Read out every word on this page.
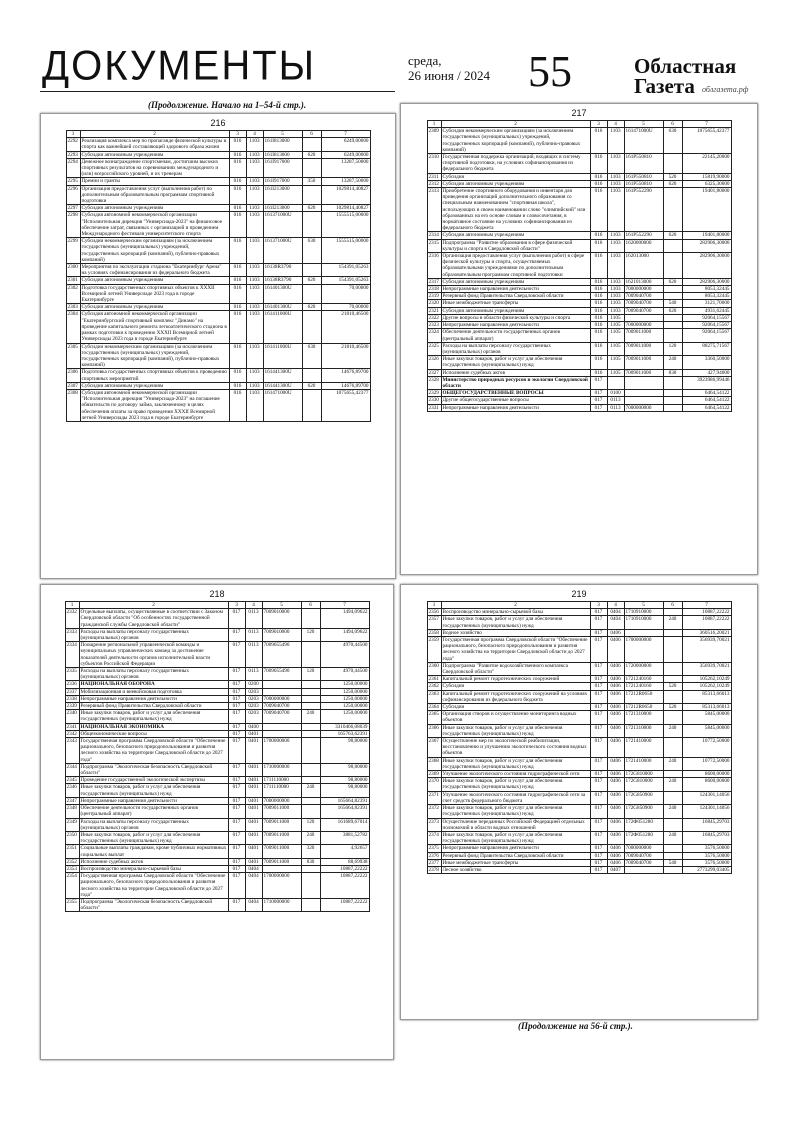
ДОКУМЕНТЫ	среда,
26 июня / 2024 55	Областная
Газета облгазета.рф
(Продолжение. Начало на 1–54-й стр.).
216
1	2	3	4	5	6	7
2292	Реализация комплекса мер по пропаганде физической культуры и спорта как важнейшей составляющей здорового образа жизни	016	1103	161I813000		6249,00000
2293	Субсидии автономным учреждениям	016	1103	161I813000	620	6249,00000
2294	Денежное вознаграждение спортсменам, достигшим высоких спортивных результатов на соревнованиях международного и (или) всероссийского уровней, и их тренерам	016	1103	161I917000		13287,50000
2295	Премии и гранты	016	1103	161I917000	350	13287,50000
2296	Организация предоставления услуг (выполнения работ) по дополнительным образовательным программам спортивной подготовки	016	1103	161I213000		1029814,40827
2297	Субсидии автономным учреждениям	016	1103	161I213000	620	1029814,40827
2298	Субсидия автономной некоммерческой организации "Исполнительная дирекция "Универсиада-2023" на финансовое обеспечение затрат, связанных с организацией и проведением Международного фестиваля университетского спорта	016	1103	161371000U		1555515,00000
2299	Субсидии некоммерческим организациям (за исключением государственных (муниципальных) учреждений, государственных корпораций (компаний), публично-правовых компаний)	016	1103	161371000U	630	1555515,00000
2300	Мероприятия по эксплуатации стадиона "Екатеринбург Арена" на условиях софинансирования из федерального бюджета	016	1103	16138R3790		154391,05263
2301	Субсидии автономным учреждениям	016	1103	16138R3790	620	154391,05263
2302	Подготовка государственных спортивных объектов к XXXII Всемирной летней Универсиаде 2023 года в городе Екатеринбурге	016	1103	161401300U		70,00000
2303	Субсидии автономным учреждениям	016	1103	161401300U	620	70,00000
2304	Субсидия автономной некоммерческой организации "Екатеринбургский спортивный комплекс "Динамо" на проведение капитального ремонта легкоатлетического стадиона в рамках подготовки к проведению XXXII Всемирной летней Универсиады 2023 года в городе Екатеринбурге	016	1103	161411000U		21810,46500
2305	Субсидии некоммерческим организациям (за исключением государственных (муниципальных) учреждений, государственных корпораций (компаний), публично-правовых компаний)	016	1103	161411000U	630	21810,46500
2306	Подготовка государственных спортивных объектов к проведению спортивных мероприятий	016	1103	161441300U		14676,89700
2307	Субсидии автономным учреждениям	016	1103	161441300U	620	14676,89700
2308	Субсидия автономной некоммерческой организации "Исполнительная дирекция "Универсиада-2023" на погашение обязательств по договору займа, заключенному в целях обеспечения оплаты за право проведения XXXII Всемирной летней Универсиады 2023 года в городе Екатеринбурге	016	1103	161471000U		1075655,42377
217
1	2	3	4	5	6	7
2309	Субсидии некоммерческим организациям (за исключением государственных (муниципальных) учреждений, государственных корпораций (компаний), публично-правовых компаний)	016	1103	161471000U	630	1075655,42377
2310	Государственная поддержка организаций, входящих в систему спортивной подготовки, на условиях софинансирования из федерального бюджета	016	1103	161P550810		22145,20000
2311	Субсидии	016	1103	161P550810	520	15819,90000
2312	Субсидии автономным учреждениям	016	1103	161P550810	620	6325,30000
2313	Приобретение спортивного оборудования и инвентаря для приведения организаций дополнительного образования со специальным наименованием "спортивная школа", использующих в своем наименовании слово "олимпийский" или образованных на его основе словам и словосочетания, в нормативное состояние на условиях софинансирования из федерального бюджета	016	1103	161P552290		19401,80000
2314	Субсидии автономным учреждениям	016	1103	161P552290	620	19401,80000
2315	Подпрограмма "Развитие образования в сфере физической культуры и спорта в Свердловской области"	016	1103	1620000000		282906,30000
2316	Организация предоставления услуг (выполнения работ) в сфере физической культуры и спорта, осуществляемых образовательными учреждениями по дополнительным образовательным программам спортивной подготовки	016	1103	162013000		282906,30000
2317	Субсидии автономным учреждениям	016	1103	1621013000	620	282906,30000
2318	Непрограммные направления деятельности	016	1103	7000000000		8053,32445
2319	Резервный фонд Правительства Свердловской области	016	1103	7009040700		8053,32445
2320	Иные межбюджетные трансферты	016	1103	7009040700	540	3121,70000
2321	Субсидии автономным учреждениям	016	1103	7009040700	620	4931,62445
2322	Другие вопросы в области физической культуры и спорта	016	1105			92064,15567
2323	Непрограммные направления деятельности	016	1105	7000000000		92064,15567
2324	Обеспечение деятельности государственных органов (центральный аппарат)	016	1105	7009011000		92064,15567
2325	Расходы на выплаты персоналу государственных (муниципальных) органов	016	1105	7009011000	120	88275,71567
2326	Иные закупки товаров, работ и услуг для обеспечения государственных (муниципальных) нужд	016	1105	7009011000	240	3360,50000
2327	Исполнение судебных актов	016	1105	7009011000	830	427,94000
2328	Министерство природных ресурсов и экологии Свердловской области	017				3923986,99446
2329	ОБЩЕГОСУДАРСТВЕННЫЕ ВОПРОСЫ	017	0100			6464,54122
2330	Другие общегосударственные вопросы	017	0113			6464,54122
2331	Непрограммные направления деятельности	017	0113	7000000000		6464,54122
218
1	2	3	4	5	6	7
2332	Отдельные выплаты, осуществляемые в соответствии с Законом Свердловской области "Об особенностях государственной гражданской службы Свердловской области"	017	0113	7009010000		1494,09622
2333	Расходы на выплаты персоналу государственных (муниципальных) органов	017	0113	7009010000	120	1494,09622
2334	Поощрение региональной управленческой команды и муниципальных управленческих команд за достижение показателей деятельности органов исполнительной власти субъектов Российской Федерации	017	0113	7009055490		4970,44500
2335	Расходы на выплаты персоналу государственных (муниципальных) органов	017	0113	7009055490	120	4970,44500
2336	НАЦИОНАЛЬНАЯ ОБОРОНА	017	0200			1250,00000
2337	Мобилизационная и вневойсковая подготовка	017	0203			1250,00000
2338	Непрограммные направления деятельности	017	0203	7000000000		1250,00000
2339	Резервный фонд Правительства Свердловской области	017	0203	7009040700		1250,00000
2340	Иные закупки товаров, работ и услуг для обеспечения государственных (муниципальных) нужд	017	0203	7009040700	240	1250,00000
2341	НАЦИОНАЛЬНАЯ ЭКОНОМИКА	017	0400			3310466,08039
2342	Общеэкономические вопросы	017	0401			165763,62391
2343	Государственная программа Свердловской области "Обеспечение рационального, безопасного природопользования и развития лесного хозяйства на территории Свердловской области до 2027 года"	017	0401	1700000000		98,80000
2344	Подпрограмма "Экологическая безопасность Свердловской области"	017	0401	1710000000		98,80000
2345	Проведение государственной экологической экспертизы	017	0401	1711110000		98,80000
2346	Иные закупки товаров, работ и услуг для обеспечения государственных (муниципальных) нужд	017	0401	1711110000	240	98,80000
2347	Непрограммные направления деятельности	017	0401	7000000000		165664,82391
2348	Обеспечение деятельности государственных органов (центральный аппарат)	017	0401	7009011000		165664,82391
2349	Расходы на выплаты персоналу государственных (муниципальных) органов	017	0401	7009011000	120	161689,67014
2350	Иные закупки товаров, работ и услуг для обеспечения государственных (муниципальных) нужд	017	0401	7009011000	240	3881,52782
2351	Социальные выплаты гражданам, кроме публичных нормативных социальных выплат	017	0401	7009011000	320	4,92657
2352	Исполнение судебных актов	017	0401	7009011000	830	88,69938
2353	Воспроизводство минерально-сырьевой базы	017	0404			10887,22222
2354	Государственная программа Свердловской области "Обеспечение рационального, безопасного природопользования и развития лесного хозяйства на территории Свердловской области до 2027 года"	017	0404	1700000000		10887,22222
2355	Подпрограмма "Экологическая безопасность Свердловской области"	017	0404	1710000000		10887,22222
219
1	2	3	4	5	6	7
2356	Воспроизводство минерально-сырьевой базы	017	0404	1710910000		10887,22222
2357	Иные закупки товаров, работ и услуг для обеспечения государственных (муниципальных) нужд	017	0404	1710910000	240	10887,22222
2358	Водное хозяйство	017	0406			360516,20021
2359	Государственная программа Свердловской области "Обеспечение рационального, безопасного природопользования и развития лесного хозяйства на территории Свердловской области до 2027 года"	017	0406	1700000000		356939,70021
2360	Подпрограмма "Развитие водохозяйственного комплекса Свердловской области"	017	0406	1720000000		356939,70021
2361	Капитальный ремонт гидротехнических сооружений	017	0406	1721240160		105262,10249
2362	Субсидии	017	0406	1721240160	520	105262,10249
2363	Капитальный ремонт гидротехнических сооружений на условиях софинансирования из федерального бюджета	017	0406	17212R0650		85313,66013
2364	Субсидии	017	0406	17212R0650	520	85313,66013
2365	Организация створов и осуществление мониторинга водных объектов	017	0406	1721310000		5845,00000
2366	Иные закупки товаров, работ и услуг для обеспечения государственных (муниципальных) нужд	017	0406	1721310000	240	5845,00000
2367	Осуществление мер по экологической реабилитации, восстановлению и улучшению экологического состояния водных объектов	017	0406	1721410000		10772,50000
2368	Иные закупки товаров, работ и услуг для обеспечения государственных (муниципальных) нужд	017	0406	1721410000	240	10772,50000
2369	Улучшение экологического состояния гидрографической сети	017	0406	172G810000		8600,00000
2370	Иные закупки товаров, работ и услуг для обеспечения государственных (муниципальных) нужд	017	0406	172G810000	240	8600,00000
2371	Улучшение экологического состояния гидрографической сети за счет средств федерального бюджета	017	0406	172G850900		124301,14056
2372	Иные закупки товаров, работ и услуг для обеспечения государственных (муниципальных) нужд	017	0406	172G850900	240	124301,14056
2373	Осуществление переданных Российской Федерацией отдельных полномочий в области водных отношений	017	0406	172Ф051280		16845,29703
2374	Иные закупки товаров, работ и услуг для обеспечения государственных (муниципальных) нужд	017	0406	172Ф051280	240	16845,29703
2375	Непрограммные направления деятельности	017	0406	7000000000		3576,50000
2376	Резервный фонд Правительства Свердловской области	017	0406	7009040700		3576,50000
2377	Иные межбюджетные трансферты	017	0406	7009040700	540	3576,50000
2378	Лесное хозяйство	017	0407			2773299,03405
(Продолжение на 56-й стр.).
